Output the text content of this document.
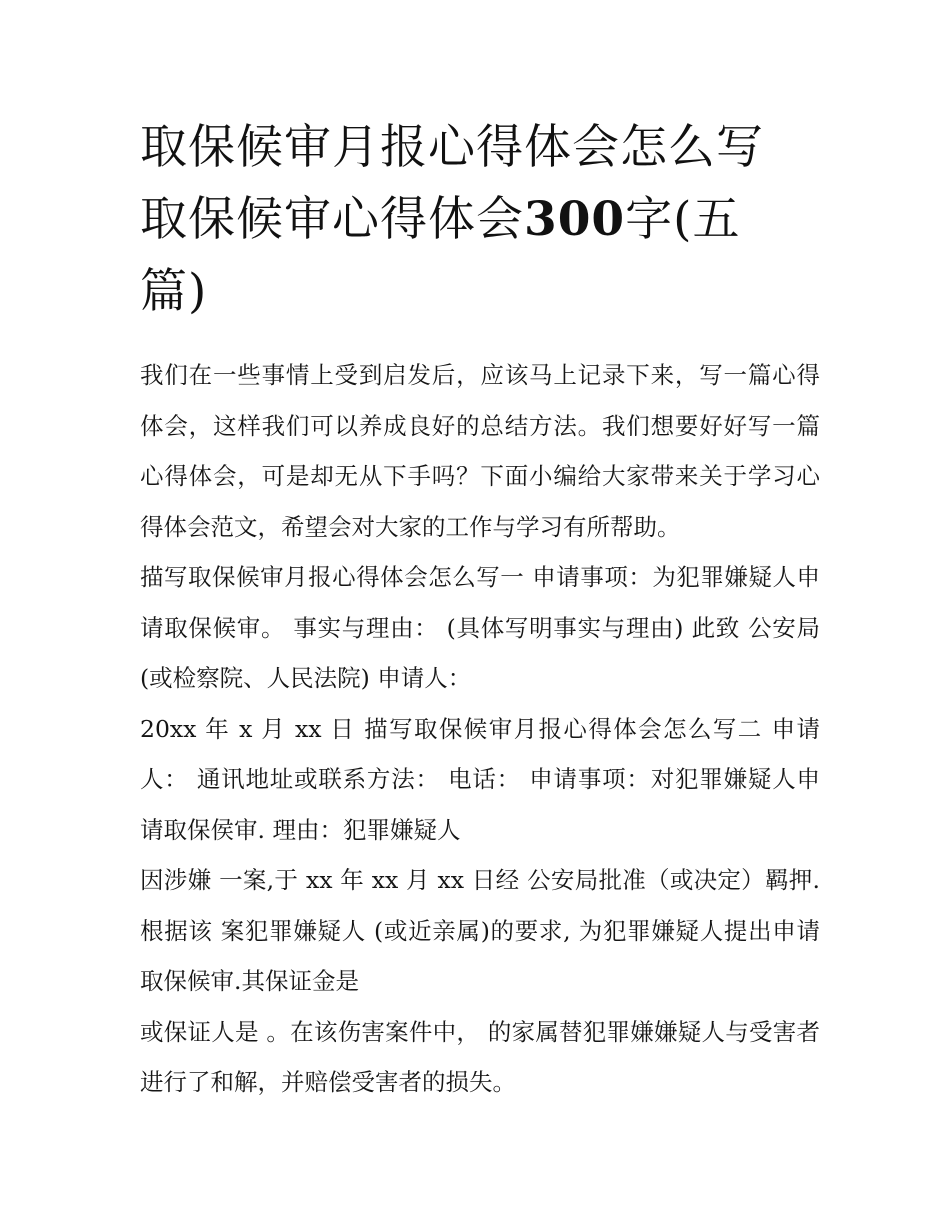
取保候审月报心得体会怎么写
取保候审心得体会300字(五
篇)

我们在一些事情上受到启发后，应该马上记录下来，写一篇心得体会，这样我们可以养成良好的总结方法。我们想要好好写一篇心得体会，可是却无从下手吗？下面小编给大家带来关于学习心得体会范文，希望会对大家的工作与学习有所帮助。

描写取保候审月报心得体会怎么写一 申请事项：为犯罪嫌疑人申请取保候审。 事实与理由： (具体写明事实与理由) 此致 公安局(或检察院、人民法院) 申请人：

20xx 年 x 月 xx 日 描写取保候审月报心得体会怎么写二 申请人： 通讯地址或联系方法： 电话： 申请事项：对犯罪嫌疑人申请取保侯审. 理由：犯罪嫌疑人

因涉嫌 一案,于 xx 年 xx 月 xx 日经 公安局批准（或决定）羁押.根据该 案犯罪嫌疑人 (或近亲属)的要求, 为犯罪嫌疑人提出申请取保候审.其保证金是

或保证人是 。在该伤害案件中， 的家属替犯罪嫌嫌疑人与受害者进行了和解，并赔偿受害者的损失。
